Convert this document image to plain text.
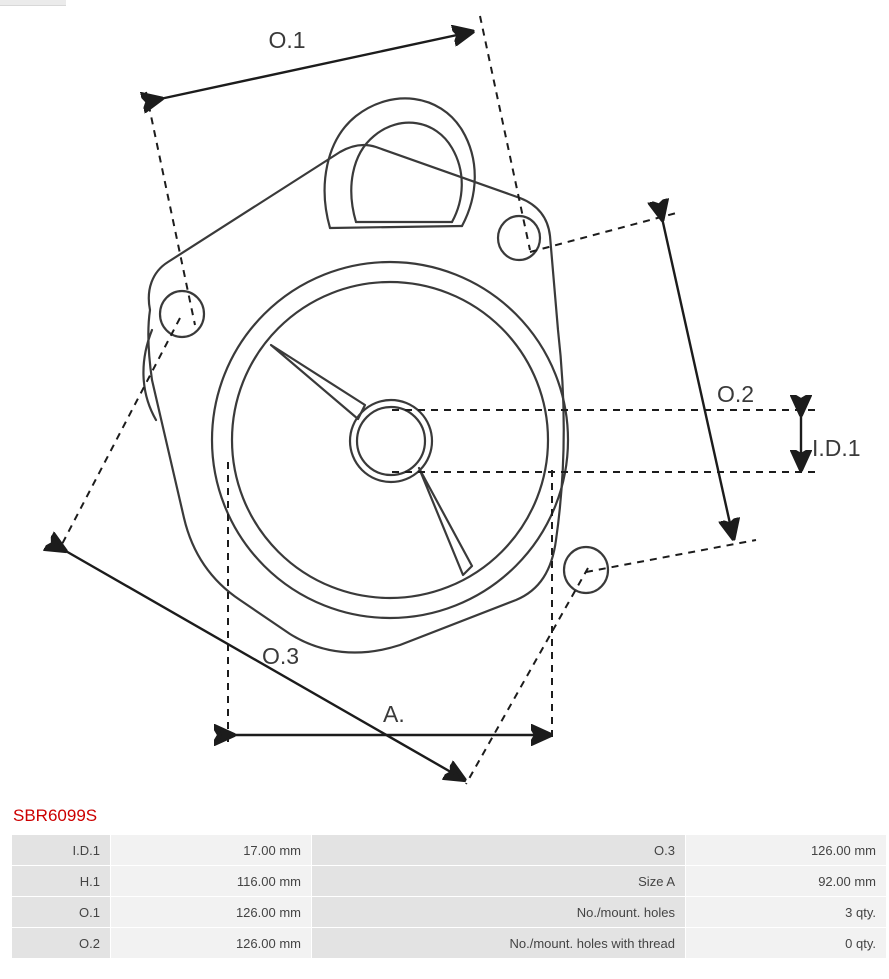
O.1
O.2
O.3
I.D.1
A.
SBR6099S
I.D.1	17.00 mm	O.3	126.00 mm
H.1	116.00 mm	Size A	92.00 mm
O.1	126.00 mm	No./mount. holes	3 qty.
O.2	126.00 mm	No./mount. holes with thread	0 qty.
